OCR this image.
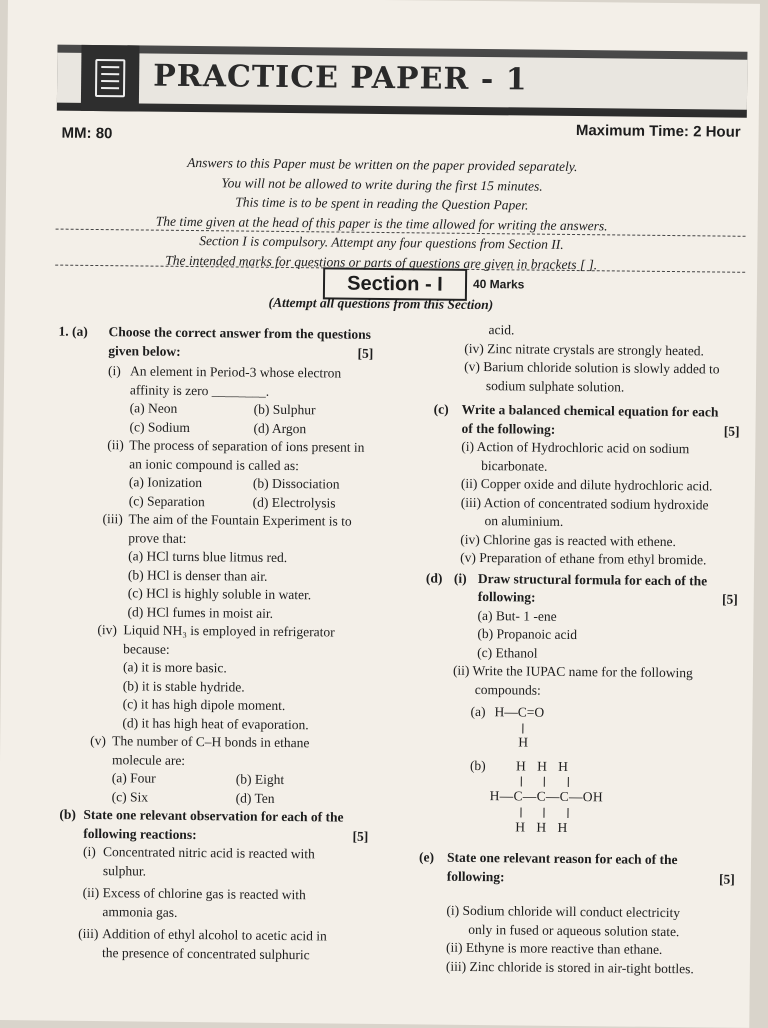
PRACTICE PAPER - 1
MM: 80	Maximum Time: 2 Hour
Answers to this Paper must be written on the paper provided separately.
You will not be allowed to write during the first 15 minutes.
This time is to be spent in reading the Question Paper.
The time given at the head of this paper is the time allowed for writing the answers.
Section I is compulsory. Attempt any four questions from Section II.
The intended marks for questions or parts of questions are given in brackets [ ].
Section - I	40 Marks
(Attempt all questions from this Section)
1. (a) Choose the correct answer from the questions
given below:	[5]
(i) An element in Period-3 whose electron
affinity is zero ________.
(a) Neon	(b) Sulphur
(c) Sodium	(d) Argon
(ii) The process of separation of ions present in
an ionic compound is called as:
(a) Ionization	(b) Dissociation
(c) Separation	(d) Electrolysis
(iii) The aim of the Fountain Experiment is to
prove that:
(a) HCl turns blue litmus red.
(b) HCl is denser than air.
(c) HCl is highly soluble in water.
(d) HCl fumes in moist air.
(iv) Liquid NH₃ is employed in refrigerator
because:
(a) it is more basic.
(b) it is stable hydride.
(c) it has high dipole moment.
(d) it has high heat of evaporation.
(v) The number of C–H bonds in ethane
molecule are:
(a) Four	(b) Eight
(c) Six	(d) Ten
(b) State one relevant observation for each of the
following reactions:	[5]
(i) Concentrated nitric acid is reacted with
sulphur.
(ii) Excess of chlorine gas is reacted with
ammonia gas.
(iii) Addition of ethyl alcohol to acetic acid in
the presence of concentrated sulphuric
acid.
(iv) Zinc nitrate crystals are strongly heated.
(v) Barium chloride solution is slowly added to
sodium sulphate solution.
(c) Write a balanced chemical equation for each
of the following:	[5]
(i) Action of Hydrochloric acid on sodium
bicarbonate.
(ii) Copper oxide and dilute hydrochloric acid.
(iii) Action of concentrated sodium hydroxide
on aluminium.
(iv) Chlorine gas is reacted with ethene.
(v) Preparation of ethane from ethyl bromide.
(d) (i) Draw structural formula for each of the
following:	[5]
(a) But- 1 -ene
(b) Propanoic acid
(c) Ethanol
(ii) Write the IUPAC name for the following
compounds:
(a) H—C=O
H
(b) H H H
H—C—C—C—OH
H H H
(e) State one relevant reason for each of the
following:	[5]
(i) Sodium chloride will conduct electricity
only in fused or aqueous solution state.
(ii) Ethyne is more reactive than ethane.
(iii) Zinc chloride is stored in air-tight bottles.
